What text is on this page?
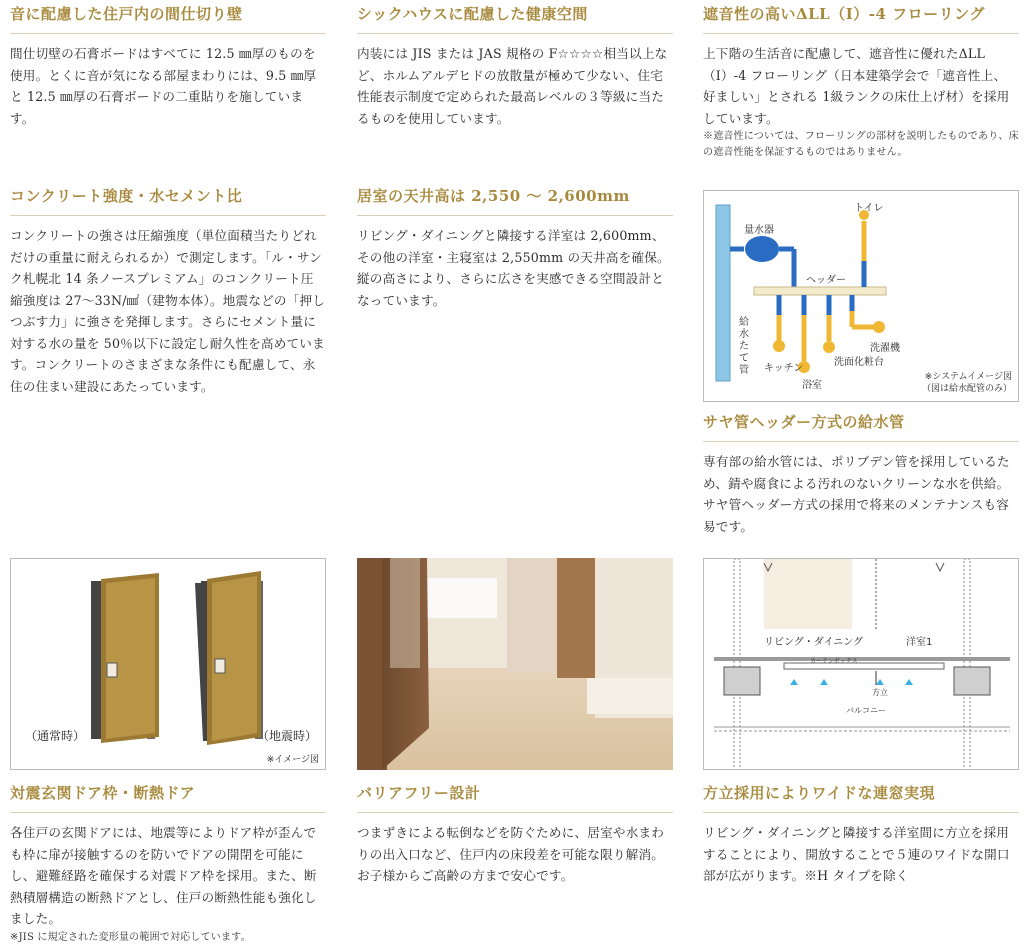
音に配慮した住戸内の間仕切り壁
間仕切壁の石膏ボードはすべてに 12.5 ㎜厚のものを使用。とくに音が気になる部屋まわりには、9.5 ㎜厚と 12.5 ㎜厚の石膏ボードの二重貼りを施しています。
コンクリート強度・水セメント比
コンクリートの強さは圧縮強度（単位面積当たりどれだけの重量に耐えられるか）で測定します。「ル・サンク札幌北 14 条ノースプレミアム」のコンクリート圧縮強度は 27〜33N/㎟（建物本体）。地震などの「押しつぶす力」に強さを発揮します。さらにセメント量に対する水の量を 50％以下に設定し耐久性を高めています。コンクリートのさまざまな条件にも配慮して、永住の住まい建設にあたっています。
（通常時）	（地震時）
※イメージ図
対震玄関ドア枠・断熱ドア
各住戸の玄関ドアには、地震等によりドア枠が歪んでも枠に扉が接触するのを防いでドアの開閉を可能にし、避難経路を確保する対震ドア枠を採用。また、断熱積層構造の断熱ドアとし、住戸の断熱性能も強化しました。
※JIS に規定された変形量の範囲で対応しています。
シックハウスに配慮した健康空間
内装には JIS または JAS 規格の F☆☆☆☆相当以上など、ホルムアルデヒドの放散量が極めて少ない、住宅性能表示制度で定められた最高レベルの３等級に当たるものを使用しています。
居室の天井高は 2,550 〜 2,600mm
リビング・ダイニングと隣接する洋室は 2,600mm、その他の洋室・主寝室は 2,550mm の天井高を確保。縦の高さにより、さらに広さを実感できる空間設計となっています。
バリアフリー設計
つまずきによる転倒などを防ぐために、居室や水まわりの出入口など、住戸内の床段差を可能な限り解消。お子様からご高齢の方まで安心です。
遮音性の高いΔLL（I）-4 フローリング
上下階の生活音に配慮して、遮音性に優れたΔLL（I）-4 フローリング（日本建築学会で「遮音性上、好ましい」とされる 1級ランクの床仕上げ材）を採用しています。
※遮音性については、フローリングの部材を説明したものであり、床の遮音性能を保証するものではありません。
量水器
トイレ
ヘッダー
給水たて管 キッチン
浴室
洗面化粧台
洗濯機
※システムイメージ図
（図は給水配管のみ）
サヤ管ヘッダー方式の給水管
専有部の給水管には、ポリブデン管を採用しているため、錆や腐食による汚れのないクリーンな水を供給。サヤ管ヘッダー方式の採用で将来のメンテナンスも容易です。
リビング・ダイニング	洋室1
カーテンボックス
方立
バルコニー
方立採用によりワイドな連窓実現
リビング・ダイニングと隣接する洋室間に方立を採用することにより、開放することで５連のワイドな開口部が広がります。※H タイプを除く
